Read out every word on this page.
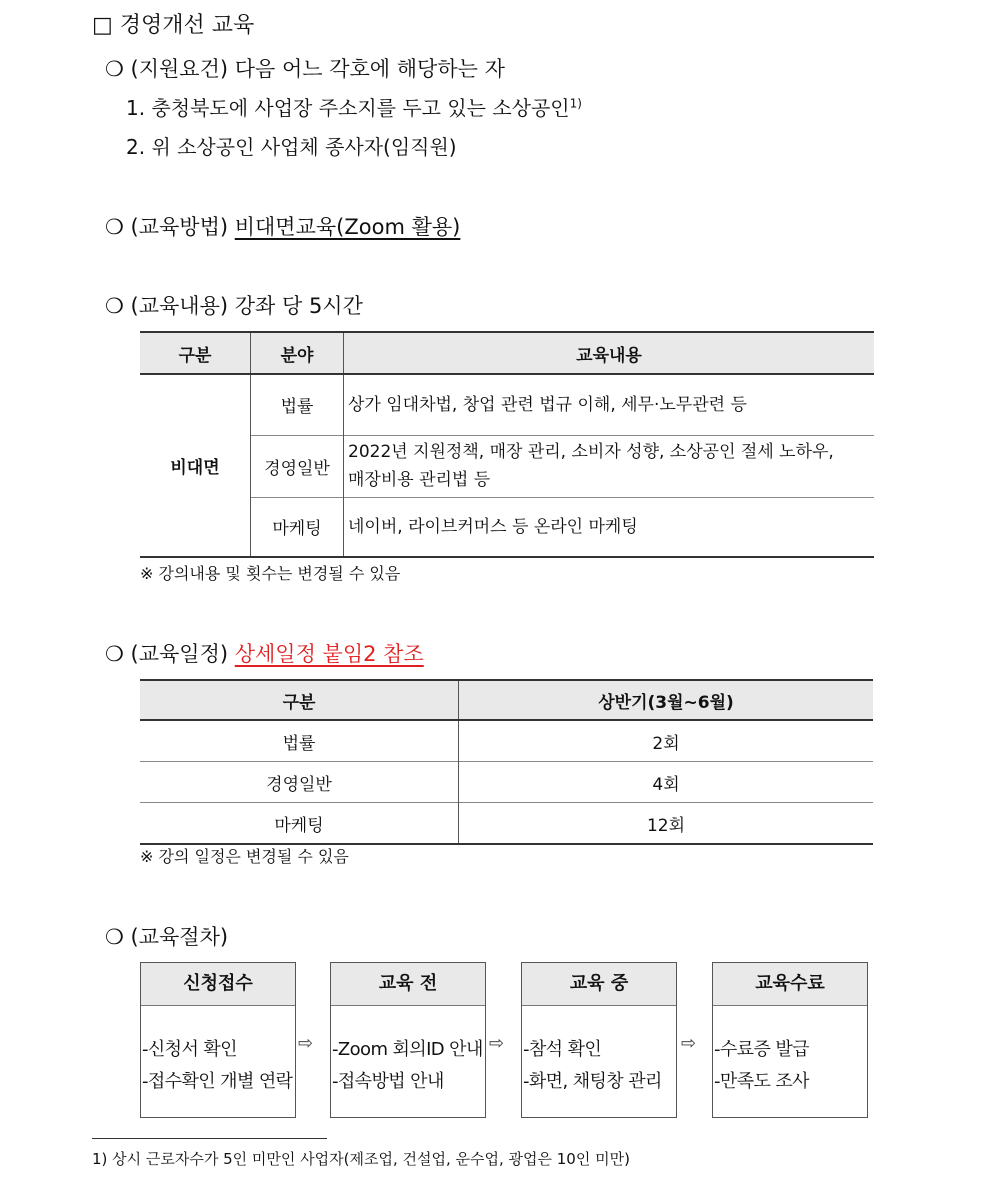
□ 경영개선 교육
❍ (지원요건) 다음 어느 각호에 해당하는 자
1. 충청북도에 사업장 주소지를 두고 있는 소상공인$^{1)}$
2. 위 소상공인 사업체 종사자(임직원)
❍ (교육방법) 비대면교육(Zoom 활용)
❍ (교육내용) 강좌 당 5시간
구분	분야	교육내용
비대면	법률	상가 임대차법, 창업 관련 법규 이해, 세무·노무관련 등

	경영일반	2022년 지원정책, 매장 관리, 소비자 성향, 소상공인 절세 노하우,
매장비용 관리법 등

	마케팅	네이버, 라이브커머스 등 온라인 마케팅
※ 강의내용 및 횟수는 변경될 수 있음
❍ (교육일정) 상세일정 붙임2 참조
구분	상반기(3월~6월)
법률	2회
경영일반	4회
마케팅	12회
※ 강의 일정은 변경될 수 있음
❍ (교육절차)
신청접수
-신청서 확인
-접수확인 개별 연락
⇨
교육 전
-Zoom 회의ID 안내
-접속방법 안내
⇨
교육 중
-참석 확인
-화면, 채팅창 관리
⇨
교육수료
-수료증 발급
-만족도 조사
1) 상시 근로자수가 5인 미만인 사업자(제조업, 건설업, 운수업, 광업은 10인 미만)
